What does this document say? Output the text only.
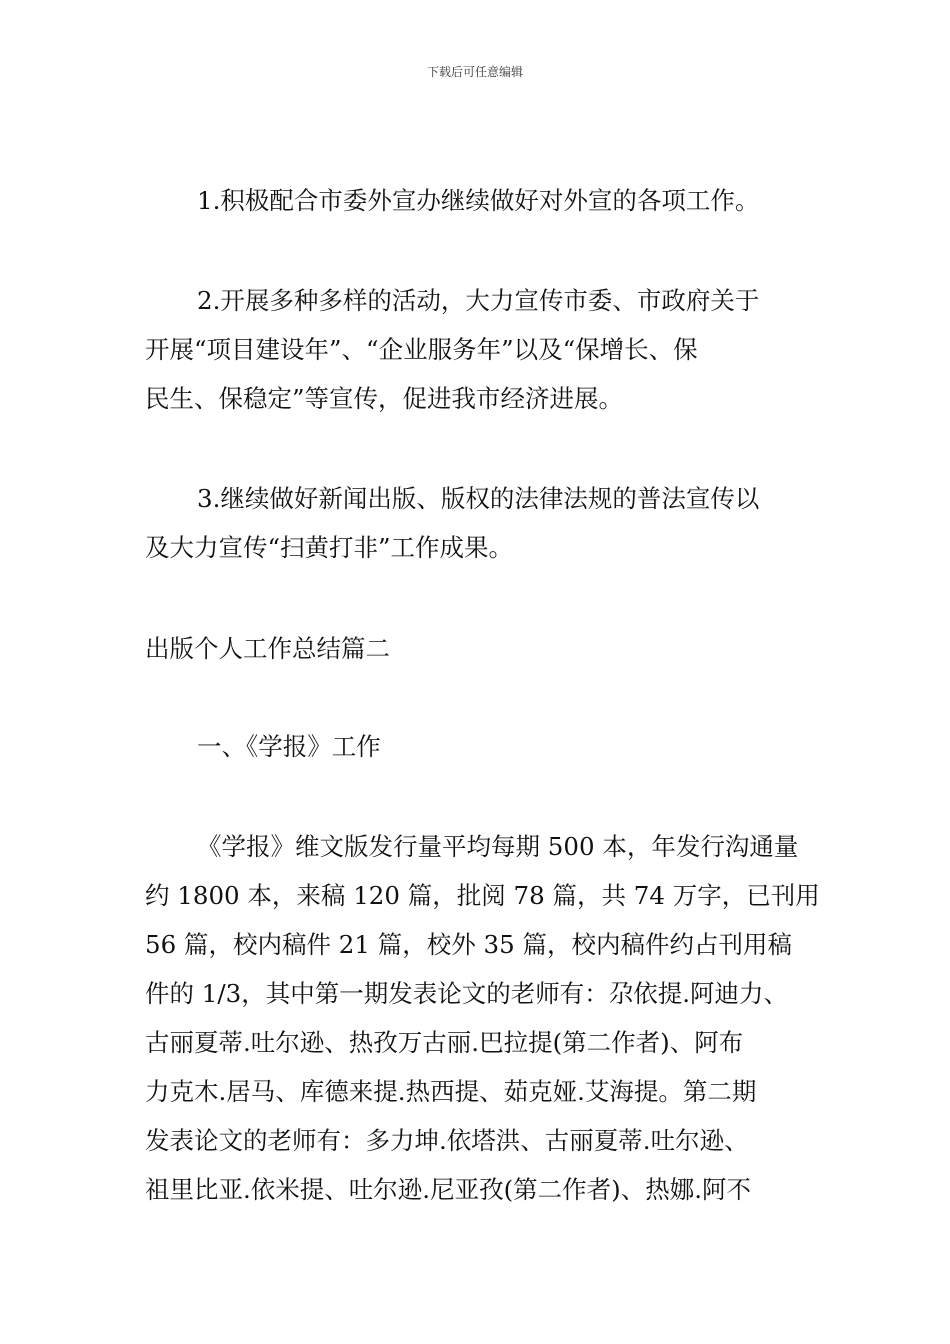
下载后可任意编辑

1.积极配合市委外宣办继续做好对外宣的各项工作。

2.开展多种多样的活动，大力宣传市委、市政府关于
开展“项目建设年”、“企业服务年”以及“保增长、保
民生、保稳定”等宣传，促进我市经济进展。
3.继续做好新闻出版、版权的法律法规的普法宣传以
及大力宣传“扫黄打非”工作成果。

出版个人工作总结篇二

一、《学报》工作

《学报》维文版发行量平均每期 500 本，年发行沟通量
约 1800 本，来稿 120 篇，批阅 78 篇，共 74 万字，已刊用
56 篇，校内稿件 21 篇，校外 35 篇，校内稿件约占刊用稿
件的 1/3，其中第一期发表论文的老师有：尕依提.阿迪力、
古丽夏蒂.吐尔逊、热孜万古丽.巴拉提(第二作者)、阿布
力克木.居马、库德来提.热西提、茹克娅.艾海提。第二期
发表论文的老师有：多力坤.依塔洪、古丽夏蒂.吐尔逊、
祖里比亚.依米提、吐尔逊.尼亚孜(第二作者)、热娜.阿不
